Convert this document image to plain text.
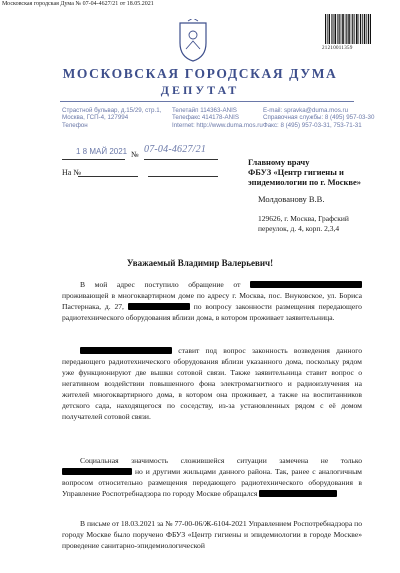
Московская городская Дума № 07-04-4627/21 от 18.05.2021
21210011359
МОСКОВСКАЯ ГОРОДСКАЯ ДУМА
ДЕПУТАТ
Страстной бульвар, д.15/29, стр.1,
Москва, ГСП-4, 127994
Телефон
Телетайп 114363-ANIS
Телефакс 414178-ANIS
Internet: http://www.duma.mos.ru
E-mail: spravka@duma.mos.ru
Справочная службы: 8 (495) 957-03-30
Факс: 8 (495) 957-03-31, 753-71-31
1 8 МАЙ 2021 № 07-04-4627/21
На №
Главному врачу
ФБУЗ «Центр гигиены и
эпидемиологии по г. Москве»
Молдованову В.В.
129626, г. Москва, Графский
переулок, д. 4, корп. 2,3,4
Уважаемый Владимир Валерьевич!
В мой адрес поступило обращение от  проживающей в многоквартирном доме по адресу г. Москва, пос. Внуковское, ул. Бориса Пастернака, д. 27,	по вопросу законности размещения передающего радиотехнического оборудования вблизи дома, в котором проживает заявительница.
ставит под вопрос законность возведения данного передающего радиотехнического оборудования вблизи указанного дома, поскольку рядом уже функционируют две вышки сотовой связи. Также заявительница ставит вопрос о негативном воздействии повышенного фона электромагнитного и радиоизлучения на жителей многоквартирного дома, в котором она проживает, а также на воспитанников детского сада, находящегося по соседству, из-за установленных рядом с её домом получателей сотовой связи.
Социальная значимость сложившейся ситуации замечена не только  но и другими жильцами данного района. Так, ранее с аналогичным вопросом относительно размещения передающего радиотехнического оборудования в Управление Роспотребнадзора по городу Москве обращался
В письме от 18.03.2021 за № 77-00-06/Ж-6104-2021 Управлением Роспотребнадзора по городу Москве было поручено ФБУЗ «Центр гигиены и эпидемиологии в городе Москве» проведение санитарно-эпидемиологической
